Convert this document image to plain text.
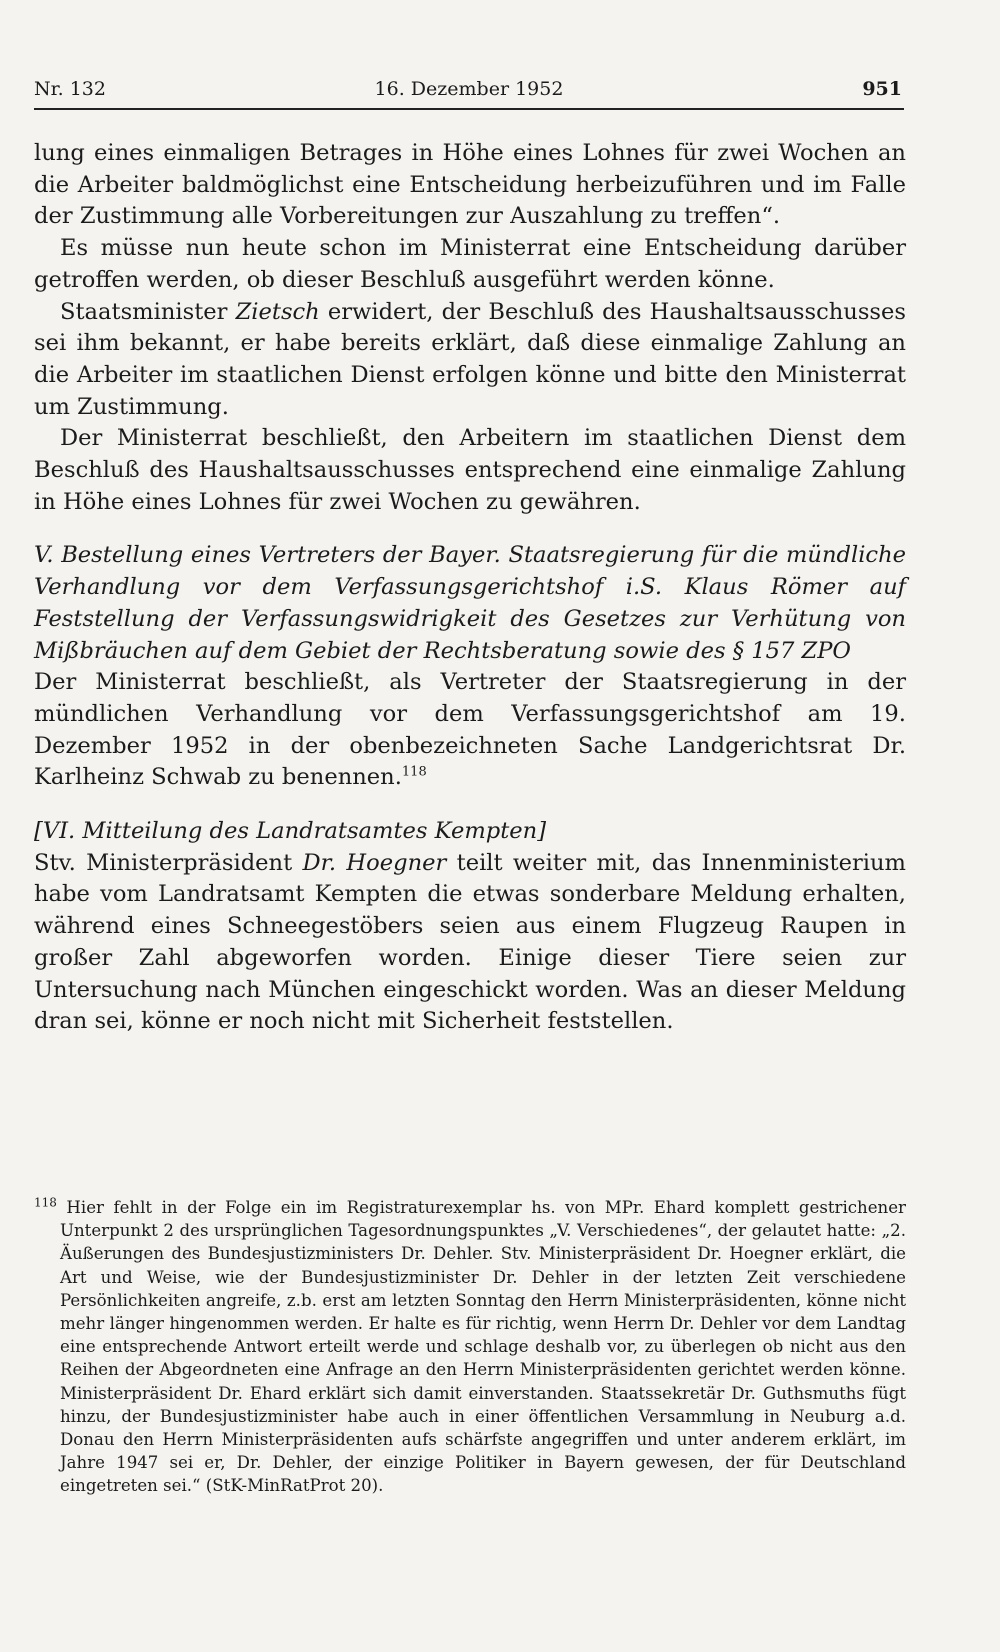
Nr. 132	16. Dezember 1952	951

lung eines einmaligen Betrages in Höhe eines Lohnes für zwei Wochen an die Arbeiter baldmöglichst eine Entscheidung herbeizuführen und im Falle der Zustimmung alle Vorbereitungen zur Auszahlung zu treffen“.

Es müsse nun heute schon im Ministerrat eine Entscheidung darüber getroffen werden, ob dieser Beschluß ausgeführt werden könne.

Staatsminister Zietsch erwidert, der Beschluß des Haushaltsausschusses sei ihm bekannt, er habe bereits erklärt, daß diese einmalige Zahlung an die Arbeiter im staatlichen Dienst erfolgen könne und bitte den Ministerrat um Zustimmung.

Der Ministerrat beschließt, den Arbeitern im staatlichen Dienst dem Beschluß des Haushaltsausschusses entsprechend eine einmalige Zahlung in Höhe eines Lohnes für zwei Wochen zu gewähren.

V. Bestellung eines Vertreters der Bayer. Staatsregierung für die mündliche Verhandlung vor dem Verfassungsgerichtshof i.S. Klaus Römer auf Feststellung der Verfassungswidrigkeit des Gesetzes zur Verhütung von Mißbräuchen auf dem Gebiet der Rechtsberatung sowie des § 157 ZPO

Der Ministerrat beschließt, als Vertreter der Staatsregierung in der mündlichen Verhandlung vor dem Verfassungsgerichtshof am 19. Dezember 1952 in der obenbezeichneten Sache Landgerichtsrat Dr. Karlheinz Schwab zu benennen.$^{118}$

[VI. Mitteilung des Landratsamtes Kempten]

Stv. Ministerpräsident Dr. Hoegner teilt weiter mit, das Innenministerium habe vom Landratsamt Kempten die etwas sonderbare Meldung erhalten, während eines Schneegestöbers seien aus einem Flugzeug Raupen in großer Zahl abgeworfen worden. Einige dieser Tiere seien zur Untersuchung nach München eingeschickt worden. Was an dieser Meldung dran sei, könne er noch nicht mit Sicherheit feststellen.

$^{118}$ Hier fehlt in der Folge ein im Registraturexemplar hs. von MPr. Ehard komplett gestrichener Unterpunkt 2 des ursprünglichen Tagesordnungspunktes „V. Verschiedenes“, der gelautet hatte: „2. Äußerungen des Bundesjustizministers Dr. Dehler. Stv. Ministerpräsident Dr. Hoegner erklärt, die Art und Weise, wie der Bundesjustizminister Dr. Dehler in der letzten Zeit verschiedene Persönlichkeiten angreife, z.b. erst am letzten Sonntag den Herrn Ministerpräsidenten, könne nicht mehr länger hingenommen werden. Er halte es für richtig, wenn Herrn Dr. Dehler vor dem Landtag eine entsprechende Antwort erteilt werde und schlage deshalb vor, zu überlegen ob nicht aus den Reihen der Abgeordneten eine Anfrage an den Herrn Ministerpräsidenten gerichtet werden könne. Ministerpräsident Dr. Ehard erklärt sich damit einverstanden. Staatssekretär Dr. Guthsmuths fügt hinzu, der Bundesjustizminister habe auch in einer öffentlichen Versammlung in Neuburg a.d. Donau den Herrn Ministerpräsidenten aufs schärfste angegriffen und unter anderem erklärt, im Jahre 1947 sei er, Dr. Dehler, der einzige Politiker in Bayern gewesen, der für Deutschland eingetreten sei.“ (StK-MinRatProt 20).
